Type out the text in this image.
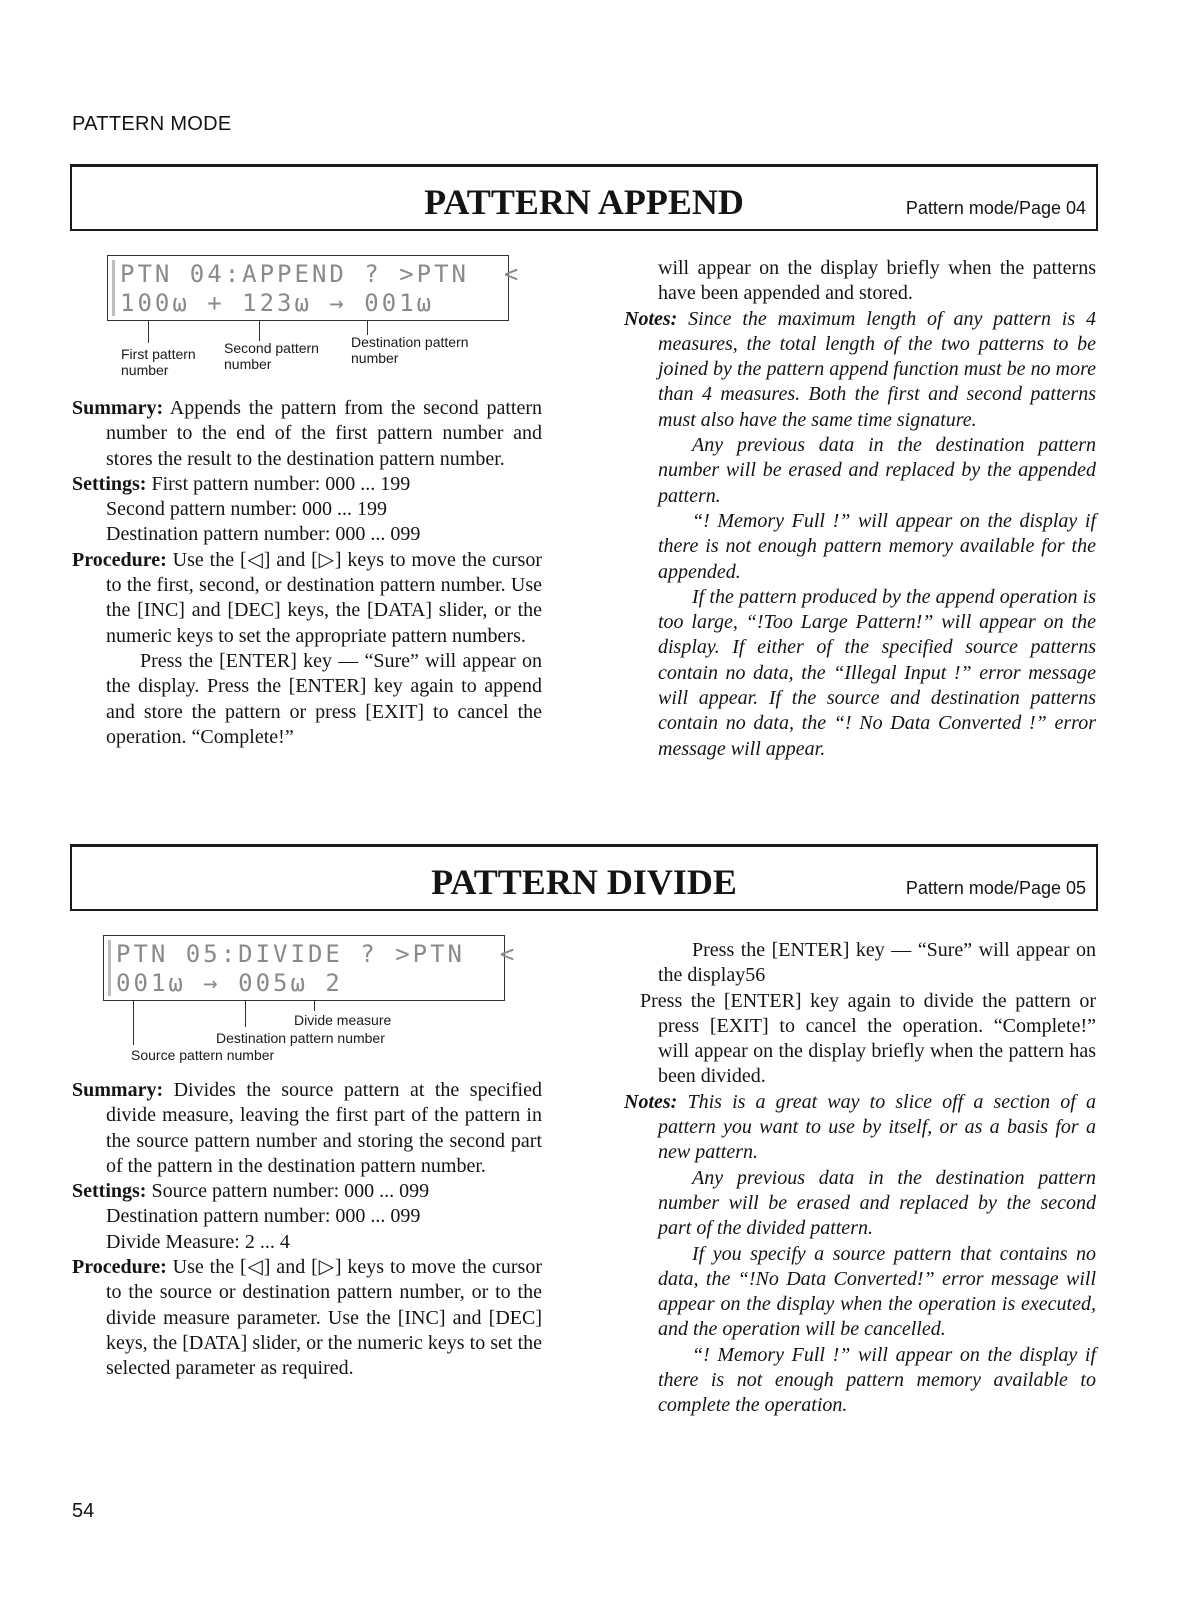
PATTERN MODE
PATTERN APPEND	Pattern mode/Page 04
PTN 04:APPEND ? >PTN  <
100ω + 123ω → 001ω
First pattern
number
Second pattern
number
Destination pattern
number

Summary: Appends the pattern from the second pattern number to the end of the first pattern number and stores the result to the destination pattern number.

Settings: First pattern number: 000 ... 199

Second pattern number: 000 ... 199

Destination pattern number: 000 ... 099

Procedure: Use the [◁] and [▷] keys to move the cursor to the first, second, or destination pattern number. Use the [INC] and [DEC] keys, the [DATA] slider, or the numeric keys to set the appropriate pattern numbers.

Press the [ENTER] key — “Sure” will appear on the display. Press the [ENTER] key again to append and store the pattern or press [EXIT] to cancel the operation. “Complete!”

will appear on the display briefly when the patterns have been appended and stored.

Notes: Since the maximum length of any pattern is 4 measures, the total length of the two patterns to be joined by the pattern append function must be no more than 4 measures. Both the first and second patterns must also have the same time signature.

Any previous data in the destination pattern number will be erased and replaced by the appended pattern.

“! Memory Full !” will appear on the display if there is not enough pattern memory available for the appended.

If the pattern produced by the append operation is too large, “!Too Large Pattern!” will appear on the display. If either of the specified source patterns contain no data, the “Illegal Input !” error message will appear. If the source and destination patterns contain no data, the “! No Data Converted !” error message will appear.

PATTERN DIVIDE	Pattern mode/Page 05
PTN 05:DIVIDE ? >PTN  <
001ω → 005ω 2
Divide measure
Destination pattern number
Source pattern number

Summary: Divides the source pattern at the specified divide measure, leaving the first part of the pattern in the source pattern number and storing the second part of the pattern in the destination pattern number.

Settings: Source pattern number: 000 ... 099

Destination pattern number: 000 ... 099

Divide Measure: 2 ... 4

Procedure: Use the [◁] and [▷] keys to move the cursor to the source or destination pattern number, or to the divide measure parameter. Use the [INC] and [DEC] keys, the [DATA] slider, or the numeric keys to set the selected parameter as required.

Press the [ENTER] key — “Sure” will appear on the display56

Press the [ENTER] key again to divide the pattern or press [EXIT] to cancel the operation. “Complete!” will appear on the display briefly when the pattern has been divided.

Notes: This is a great way to slice off a section of a pattern you want to use by itself, or as a basis for a new pattern.

Any previous data in the destination pattern number will be erased and replaced by the second part of the divided pattern.

If you specify a source pattern that contains no data, the “!No Data Converted!” error message will appear on the display when the operation is executed, and the operation will be cancelled.

“! Memory Full !” will appear on the display if there is not enough pattern memory available to complete the operation.

54
